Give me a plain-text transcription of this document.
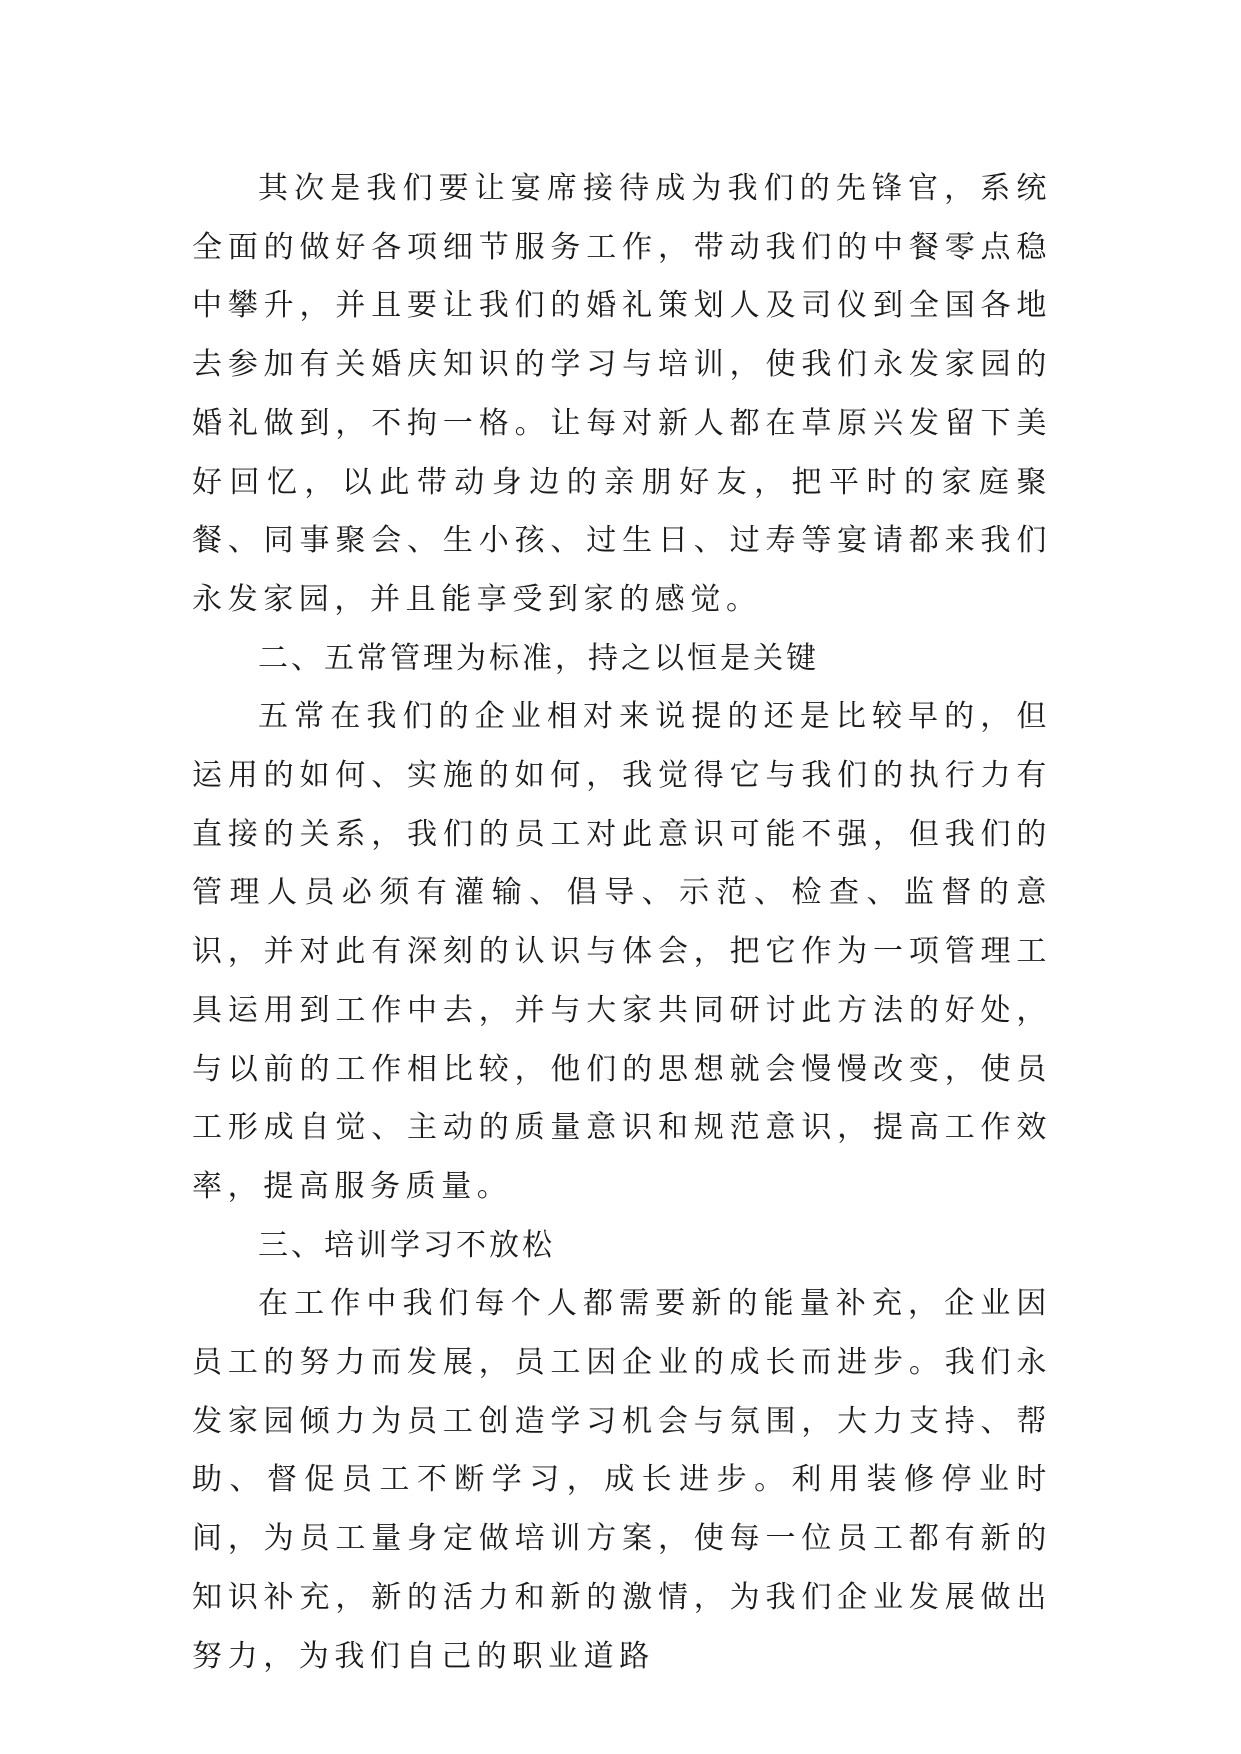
其次是我们要让宴席接待成为我们的先锋官，系统全面的做好各项细节服务工作，带动我们的中餐零点稳中攀升，并且要让我们的婚礼策划人及司仪到全国各地去参加有关婚庆知识的学习与培训，使我们永发家园的婚礼做到，不拘一格。让每对新人都在草原兴发留下美好回忆，以此带动身边的亲朋好友，把平时的家庭聚餐、同事聚会、生小孩、过生日、过寿等宴请都来我们永发家园，并且能享受到家的感觉。

二、五常管理为标准，持之以恒是关键

五常在我们的企业相对来说提的还是比较早的，但运用的如何、实施的如何，我觉得它与我们的执行力有直接的关系，我们的员工对此意识可能不强，但我们的管理人员必须有灌输、倡导、示范、检查、监督的意识，并对此有深刻的认识与体会，把它作为一项管理工具运用到工作中去，并与大家共同研讨此方法的好处，与以前的工作相比较，他们的思想就会慢慢改变，使员工形成自觉、主动的质量意识和规范意识，提高工作效率，提高服务质量。

三、培训学习不放松

在工作中我们每个人都需要新的能量补充，企业因员工的努力而发展，员工因企业的成长而进步。我们永发家园倾力为员工创造学习机会与氛围，大力支持、帮助、督促员工不断学习，成长进步。利用装修停业时间，为员工量身定做培训方案，使每一位员工都有新的知识补充，新的活力和新的激情，为我们企业发展做出努力，为我们自己的职业道路
